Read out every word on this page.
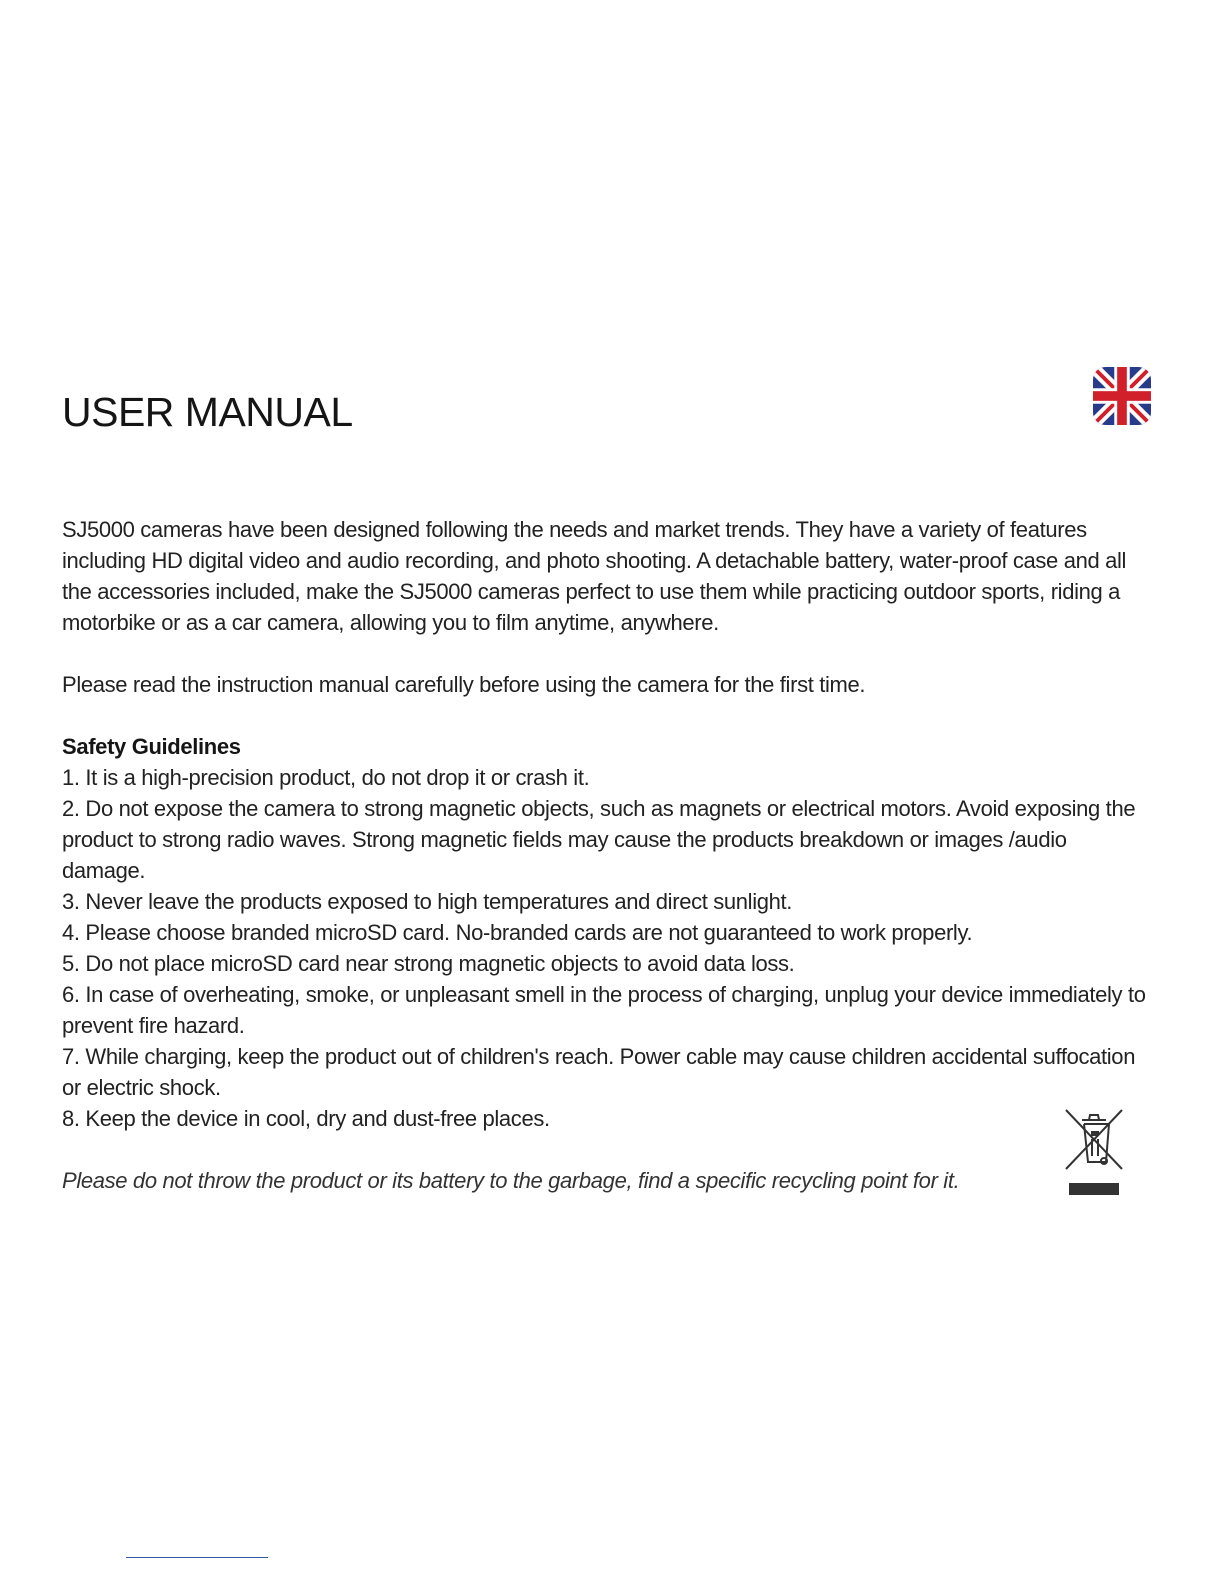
USER MANUAL

SJ5000 cameras have been designed following the needs and market trends. They have a variety of features including HD digital video and audio recording, and photo shooting. A detachable battery, water-proof case and all the accessories included, make the SJ5000 cameras perfect to use them while practicing outdoor sports, riding a motorbike or as a car camera, allowing you to film anytime, anywhere.

Please read the instruction manual carefully before using the camera for the first time.

Safety Guidelines
1. It is a high-precision product, do not drop it or crash it.
2. Do not expose the camera to strong magnetic objects, such as magnets or electrical motors. Avoid exposing the product to strong radio waves. Strong magnetic fields may cause the products breakdown or images /audio damage.
3. Never leave the products exposed to high temperatures and direct sunlight.
4. Please choose branded microSD card. No-branded cards are not guaranteed to work properly.
5. Do not place microSD card near strong magnetic objects to avoid data loss.
6. In case of overheating, smoke, or unpleasant smell in the process of charging, unplug your device immediately to prevent fire hazard.
7. While charging, keep the product out of children's reach. Power cable may cause children accidental suffocation or electric shock.
8. Keep the device in cool, dry and dust-free places.

Please do not throw the product or its battery to the garbage, find a specific recycling point for it.
